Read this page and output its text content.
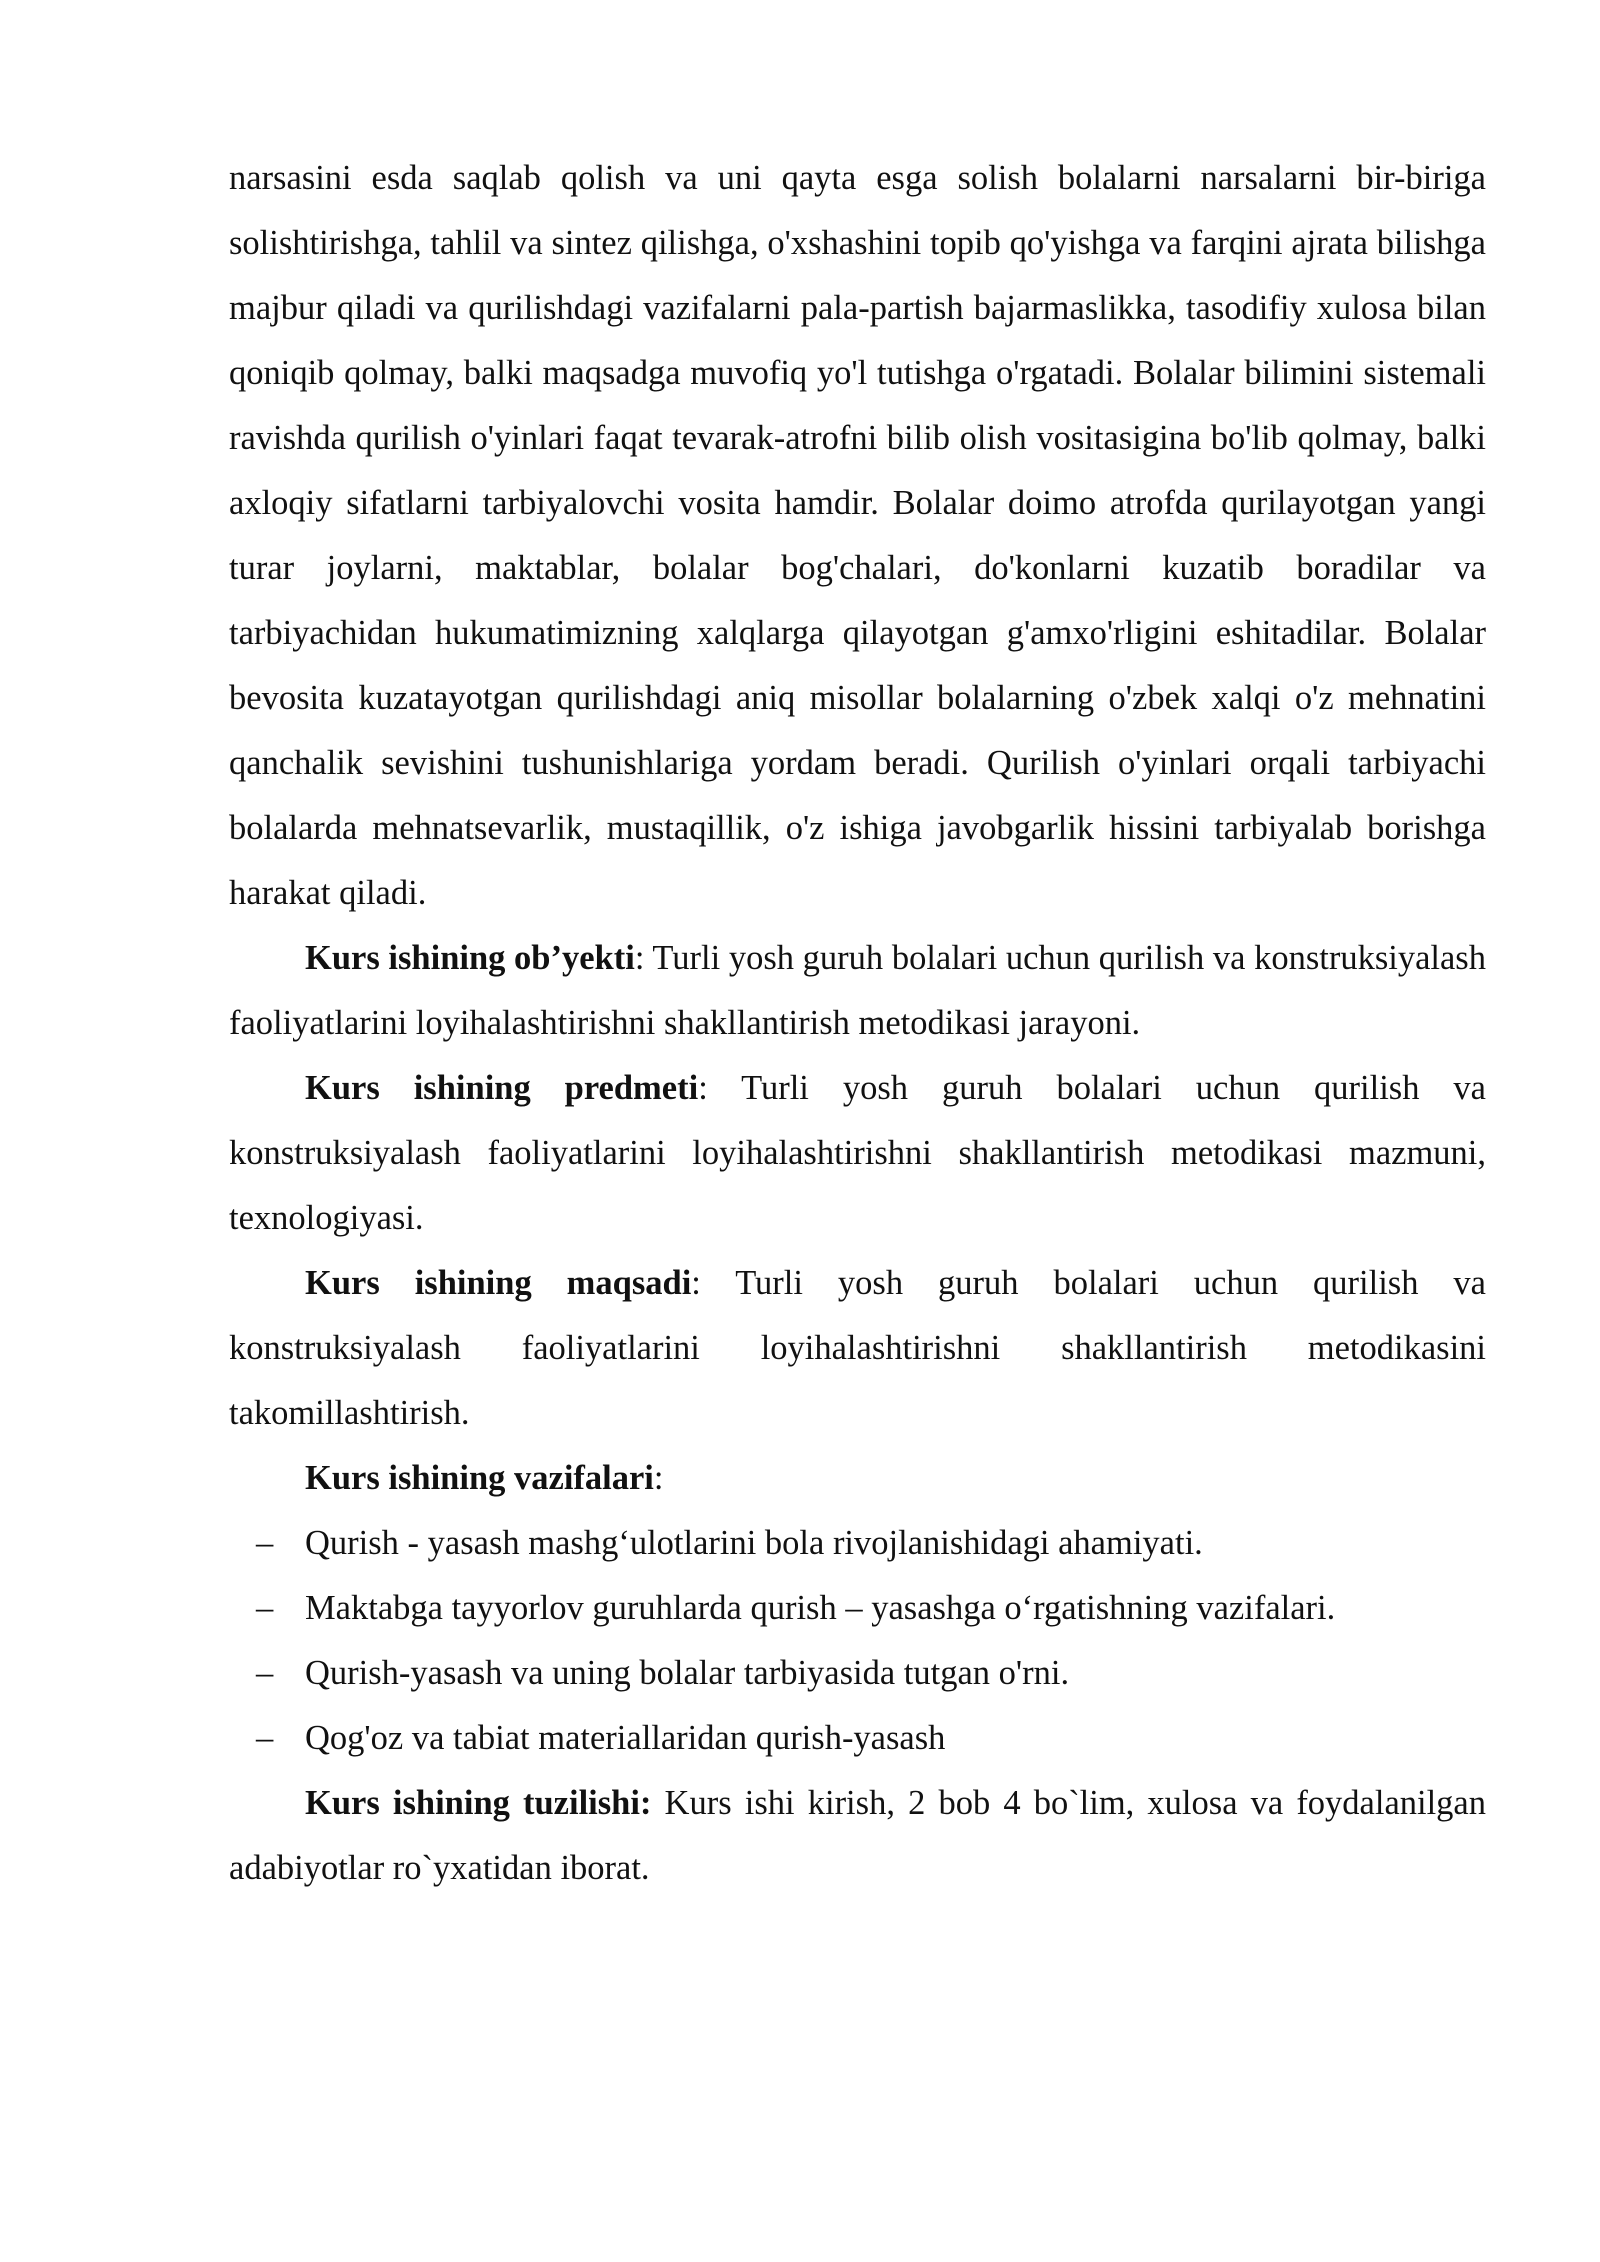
narsasini esda saqlab qolish va uni qayta esga solish bolalarni narsalarni bir-biriga solishtirishga, tahlil va sintez qilishga, o'xshashini topib qo'yishga va farqini ajrata bilishga majbur qiladi va qurilishdagi vazifalarni pala-partish bajarmaslikka, tasodifiy xulosa bilan qoniqib qolmay, balki maqsadga muvofiq yo'l tutishga o'rgatadi. Bolalar bilimini sistemali ravishda qurilish o'yinlari faqat tevarak-atrofni bilib olish vositasigina bo'lib qolmay, balki axloqiy sifatlarni tarbiyalovchi vosita hamdir. Bolalar doimo atrofda qurilayotgan yangi turar joylarni, maktablar, bolalar bog'chalari, do'konlarni kuzatib boradilar va tarbiyachidan hukumatimizning xalqlarga qilayotgan g'amxo'rligini eshitadilar. Bolalar bevosita kuzatayotgan qurilishdagi aniq misollar bolalarning o'zbek xalqi o'z mehnatini qanchalik sevishini tushunishlariga yordam beradi. Qurilish o'yinlari orqali tarbiyachi bolalarda mehnatsevarlik, mustaqillik, o'z ishiga javobgarlik hissini tarbiyalab borishga harakat qiladi.

Kurs ishining ob’yekti: Turli yosh guruh bolalari uchun qurilish va konstruksiyalash faoliyatlarini loyihalashtirishni shakllantirish metodikasi jarayoni.

Kurs ishining predmeti: Turli yosh guruh bolalari uchun qurilish va konstruksiyalash faoliyatlarini loyihalashtirishni shakllantirish metodikasi mazmuni, texnologiyasi.

Kurs ishining maqsadi: Turli yosh guruh bolalari uchun qurilish va konstruksiyalash faoliyatlarini loyihalashtirishni shakllantirish metodikasini takomillashtirish.

Kurs ishining vazifalari:

– Qurish - yasash mashg‘ulotlarini bola rivojlanishidagi ahamiyati.
– Maktabga tayyorlov guruhlarda qurish – yasashga o‘rgatishning vazifalari.
– Qurish-yasash va uning bolalar tarbiyasida tutgan o'rni.
– Qog'oz va tabiat materiallaridan qurish-yasash

Kurs ishining tuzilishi: Kurs ishi kirish, 2 bob 4 bo`lim, xulosa va foydalanilgan adabiyotlar ro`yxatidan iborat.
